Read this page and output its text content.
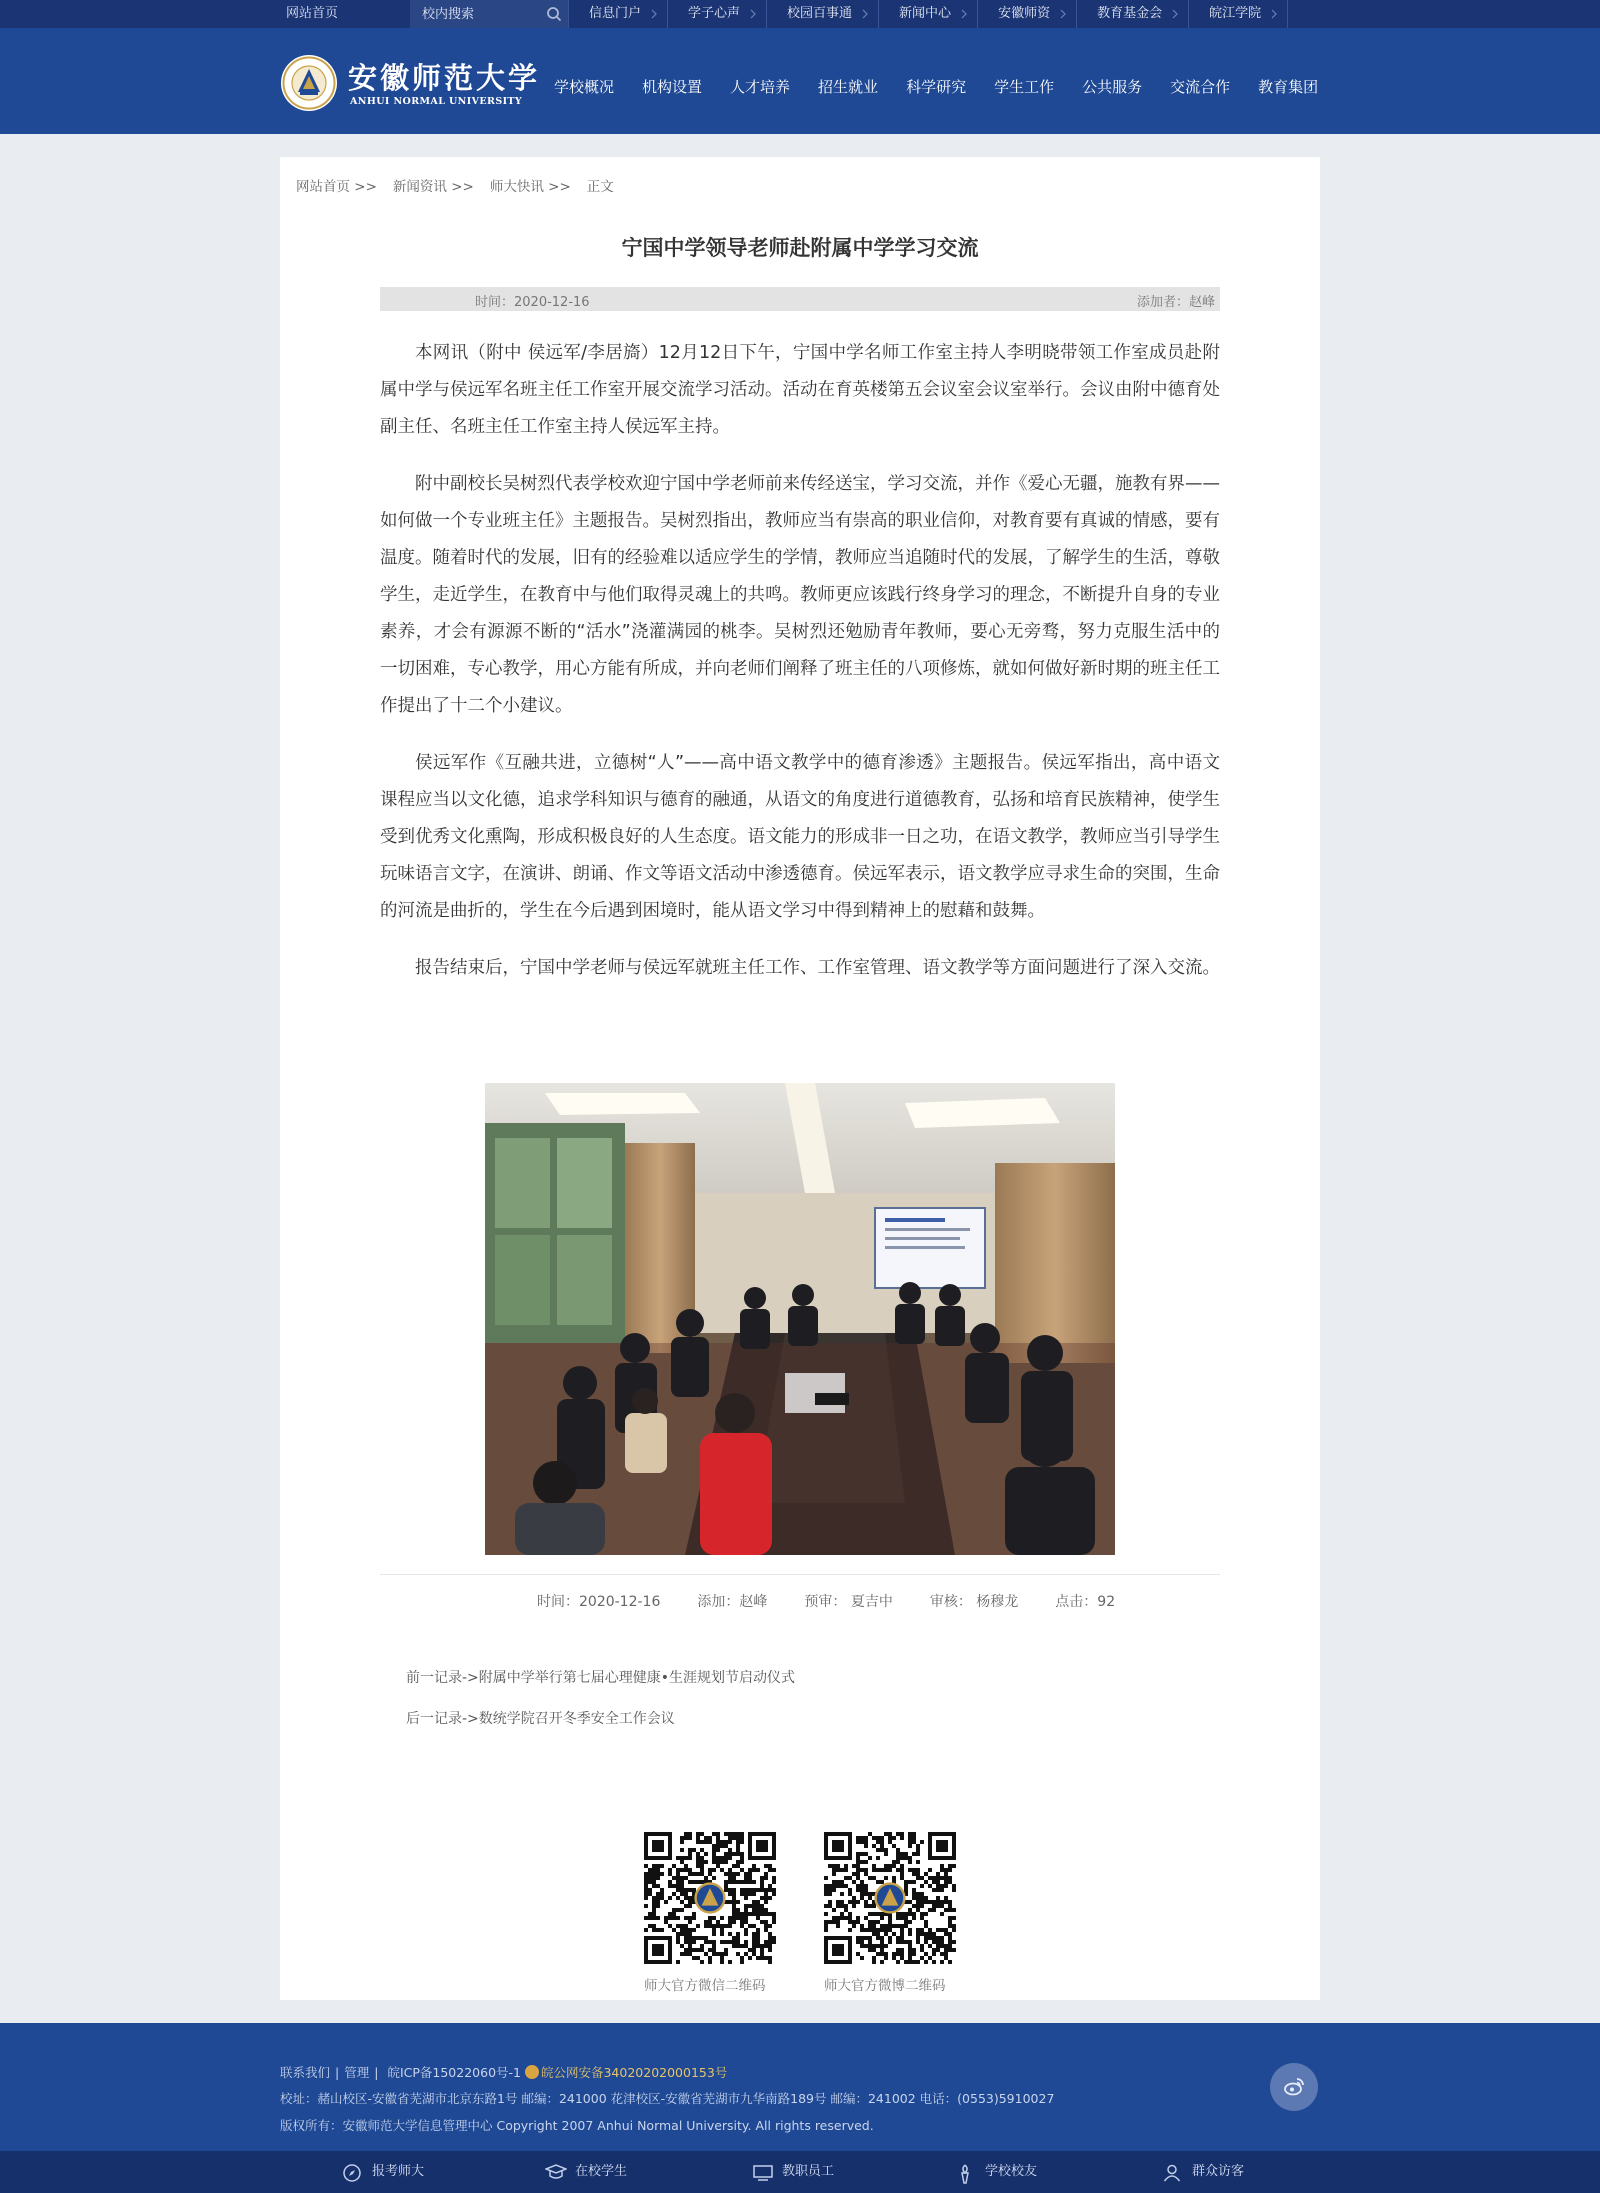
网站首页
校内搜索	信息门户	学子心声	校园百事通	新闻中心	安徽师资	教育基金会	皖江学院
安徽师范大学
ANHUI NORMAL UNIVERSITY
学校概况	机构设置	人才培养	招生就业	科学研究	学生工作	公共服务	交流合作	教育集团
网站首页 >> 新闻资讯 >> 师大快讯 >> 正文
宁国中学领导老师赴附属中学学习交流
时间：2020-12-16	添加者：赵峰

本网讯（附中 侯远军/李居旖）12月12日下午，宁国中学名师工作室主持人李明晓带领工作室成员赴附属中学与侯远军名班主任工作室开展交流学习活动。活动在育英楼第五会议室会议室举行。会议由附中德育处副主任、名班主任工作室主持人侯远军主持。

附中副校长吴树烈代表学校欢迎宁国中学老师前来传经送宝，学习交流，并作《爱心无疆，施教有界——如何做一个专业班主任》主题报告。吴树烈指出，教师应当有崇高的职业信仰，对教育要有真诚的情感，要有温度。随着时代的发展，旧有的经验难以适应学生的学情，教师应当追随时代的发展，了解学生的生活，尊敬学生，走近学生，在教育中与他们取得灵魂上的共鸣。教师更应该践行终身学习的理念，不断提升自身的专业素养，才会有源源不断的“活水”浇灌满园的桃李。吴树烈还勉励青年教师，要心无旁骛，努力克服生活中的一切困难，专心教学，用心方能有所成，并向老师们阐释了班主任的八项修炼，就如何做好新时期的班主任工作提出了十二个小建议。

侯远军作《互融共进，立德树“人”——高中语文教学中的德育渗透》主题报告。侯远军指出，高中语文课程应当以文化德，追求学科知识与德育的融通，从语文的角度进行道德教育，弘扬和培育民族精神，使学生受到优秀文化熏陶，形成积极良好的人生态度。语文能力的形成非一日之功，在语文教学，教师应当引导学生玩味语言文字，在演讲、朗诵、作文等语文活动中渗透德育。侯远军表示，语文教学应寻求生命的突围，生命的河流是曲折的，学生在今后遇到困境时，能从语文学习中得到精神上的慰藉和鼓舞。

报告结束后，宁国中学老师与侯远军就班主任工作、工作室管理、语文教学等方面问题进行了深入交流。

时间：2020-12-16	添加：赵峰	预审： 夏吉中	审核： 杨穆龙	点击：92
前一记录->附属中学举行第七届心理健康•生涯规划节启动仪式
后一记录->数统学院召开冬季安全工作会议
师大官方微信二维码	师大官方微博二维码
联系我们 | 管理 | 皖ICP备15022060号-1 皖公网安备34020202000153号
校址：赭山校区-安徽省芜湖市北京东路1号 邮编：241000 花津校区-安徽省芜湖市九华南路189号 邮编：241002 电话：(0553)5910027
版权所有：安徽师范大学信息管理中心 Copyright 2007 Anhui Normal University. All rights reserved.
报考师大	在校学生	教职员工	学校校友	群众访客
